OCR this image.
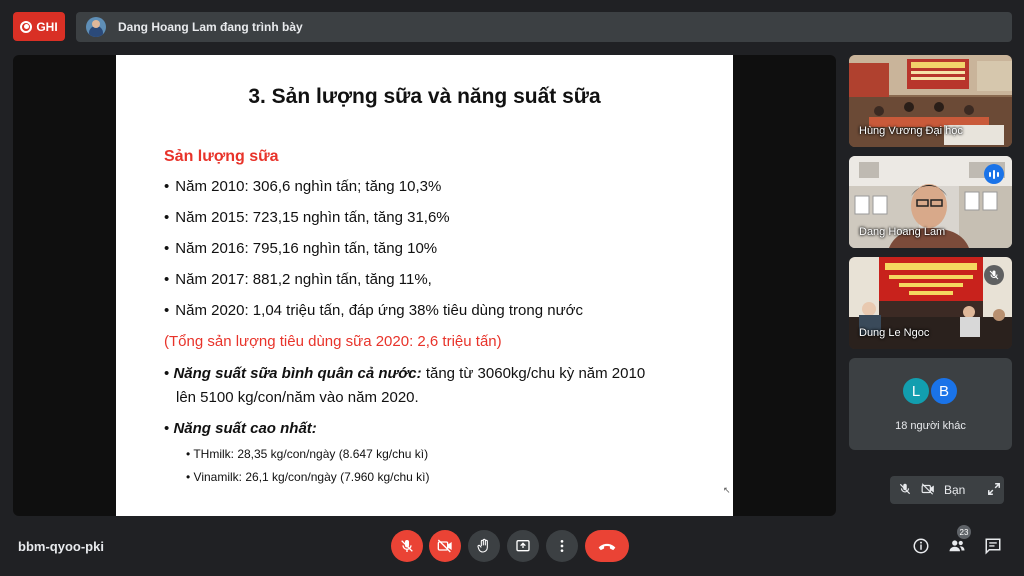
GHI	Dang Hoang Lam đang trình bày
3. Sản lượng sữa và năng suất sữa
Sản lượng sữa
• Năm 2010: 306,6 nghìn tấn; tăng 10,3%
• Năm 2015: 723,15 nghìn tấn, tăng 31,6%
• Năm 2016: 795,16 nghìn tấn, tăng 10%
• Năm 2017: 881,2 nghìn tấn, tăng 11%,
• Năm 2020: 1,04 triệu tấn, đáp ứng 38% tiêu dùng trong nước
(Tổng sản lượng tiêu dùng sữa 2020: 2,6 triệu tấn)
• Năng suất sữa bình quân cả nước: tăng từ 3060kg/chu kỳ năm 2010
lên 5100 kg/con/năm vào năm 2020.
• Năng suất cao nhất:
• THmilk: 28,35 kg/con/ngày (8.647 kg/chu kì)
• Vinamilk: 26,1 kg/con/ngày (7.960 kg/chu kì)
↖
Hùng Vương Đại học
Dang Hoang Lam
Dung Le Ngoc
L	B
18 người khác
Bạn
bbm-qyoo-pki
23
